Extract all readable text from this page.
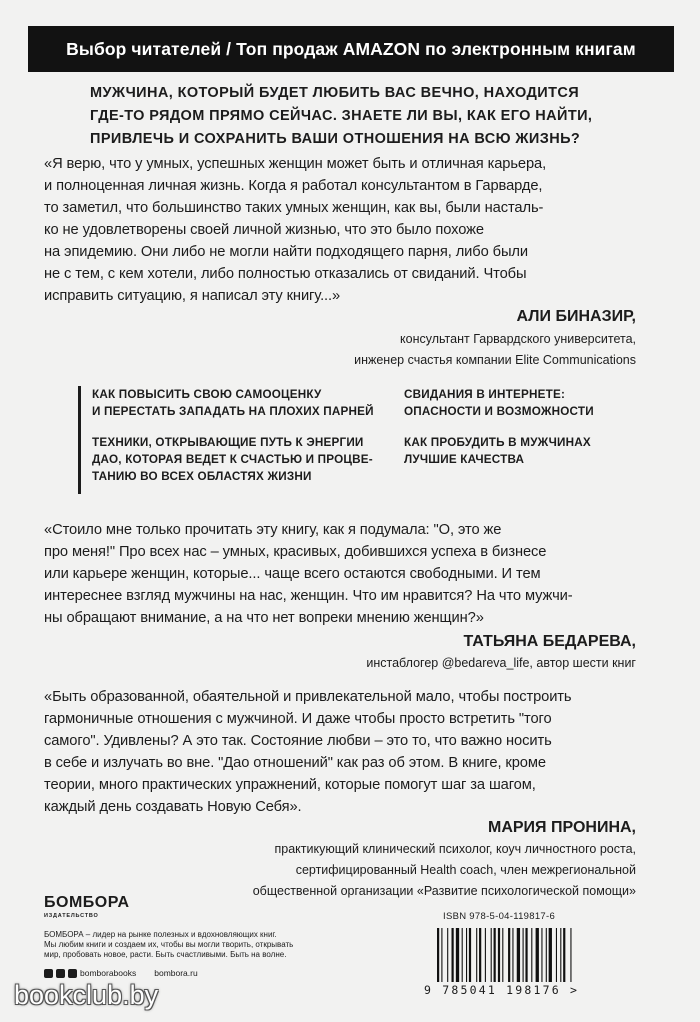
Выбор читателей / Топ продаж AMAZON по электронным книгам
МУЖЧИНА, КОТОРЫЙ БУДЕТ ЛЮБИТЬ ВАС ВЕЧНО, НАХОДИТСЯ
ГДЕ-ТО РЯДОМ ПРЯМО СЕЙЧАС. ЗНАЕТЕ ЛИ ВЫ, КАК ЕГО НАЙТИ,
ПРИВЛЕЧЬ И СОХРАНИТЬ ВАШИ ОТНОШЕНИЯ НА ВСЮ ЖИЗНЬ?
«Я верю, что у умных, успешных женщин может быть и отличная карьера,
и полноценная личная жизнь. Когда я работал консультантом в Гарварде,
то заметил, что большинство таких умных женщин, как вы, были насталь-
ко не удовлетворены своей личной жизнью, что это было похоже
на эпидемию. Они либо не могли найти подходящего парня, либо были
не с тем, с кем хотели, либо полностью отказались от свиданий. Чтобы
исправить ситуацию, я написал эту книгу...»
АЛИ БИНАЗИР,
консультант Гарвардского университета,
инженер счастья компании Elite Communications
КАК ПОВЫСИТЬ СВОЮ САМООЦЕНКУ
И ПЕРЕСТАТЬ ЗАПАДАТЬ НА ПЛОХИХ ПАРНЕЙ
ТЕХНИКИ, ОТКРЫВАЮЩИЕ ПУТЬ К ЭНЕРГИИ
ДАО, КОТОРАЯ ВЕДЕТ К СЧАСТЬЮ И ПРОЦВЕ-
ТАНИЮ ВО ВСЕХ ОБЛАСТЯХ ЖИЗНИ
СВИДАНИЯ В ИНТЕРНЕТЕ:
ОПАСНОСТИ И ВОЗМОЖНОСТИ
КАК ПРОБУДИТЬ В МУЖЧИНАХ
ЛУЧШИЕ КАЧЕСТВА
«Стоило мне только прочитать эту книгу, как я подумала: "О, это же
про меня!" Про всех нас – умных, красивых, добившихся успеха в бизнесе
или карьере женщин, которые... чаще всего остаются свободными. И тем
интереснее взгляд мужчины на нас, женщин. Что им нравится? На что мужчи-
ны обращают внимание, а на что нет вопреки мнению женщин?»
ТАТЬЯНА БЕДАРЕВА,
инстаблогер @bedareva_life, автор шести книг
«Быть образованной, обаятельной и привлекательной мало, чтобы построить
гармоничные отношения с мужчиной. И даже чтобы просто встретить "того
самого". Удивлены? А это так. Состояние любви – это то, что важно носить
в себе и излучать во вне. "Дао отношений" как раз об этом. В книге, кроме
теории, много практических упражнений, которые помогут шаг за шагом,
каждый день создавать Новую Себя».
МАРИЯ ПРОНИНА,
практикующий клинический психолог, коуч личностного роста,
сертифицированный Health coach, член межрегиональной
общественной организации «Развитие психологической помощи»
БОМБОРА
ИЗДАТЕЛЬСТВО
БОМБОРА – лидер на рынке полезных и вдохновляющих книг.
Мы любим книги и создаем их, чтобы вы могли творить, открывать
мир, пробовать новое, расти. Быть счастливыми. Быть на волне.
bomborabooks bombora.ru
ISBN 978-5-04-119817-6
9 785041 198176 >
bookclub.by
